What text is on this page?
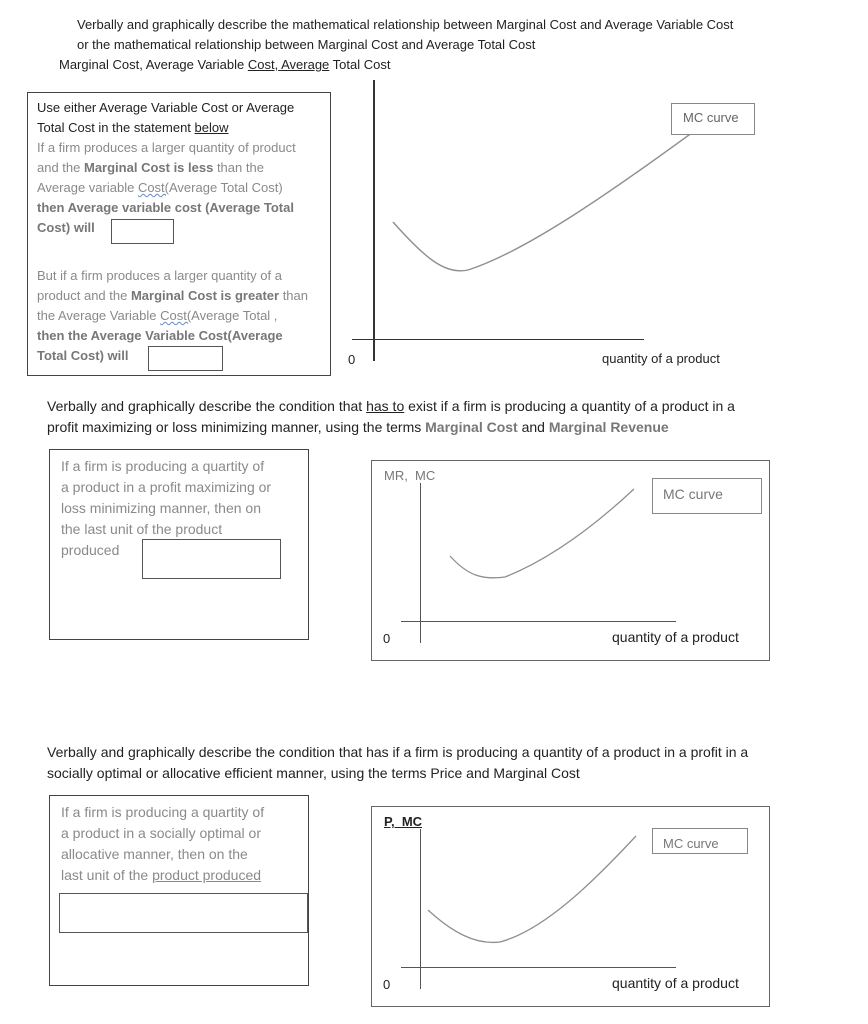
Verbally and graphically describe the mathematical relationship between Marginal Cost and Average Variable Cost
or the mathematical relationship between Marginal Cost and Average Total Cost
Marginal Cost, Average Variable Cost, Average Total Cost
Use either Average Variable Cost or Average
Total Cost in the statement below
If a firm produces a larger quantity of product
and the Marginal Cost is less than the
Average variable Cost(Average Total Cost)
then Average variable cost (Average Total
Cost) will
But if a firm produces a larger quantity of a
product and the Marginal Cost is greater than
the Average Variable Cost(Average Total ,
then the Average Variable Cost(Average
Total Cost) will
MC curve
0	quantity of a product
Verbally and graphically describe the condition that has to exist if a firm is producing a quantity of a product in a
profit maximizing or loss minimizing manner, using the terms Marginal Cost and Marginal Revenue
If a firm is producing a quartity of
a product in a profit maximizing or
loss minimizing manner, then on
the last unit of the product
produced
MR,  MC
MC curve
0	quantity of a product
Verbally and graphically describe the condition that has if a firm is producing a quantity of a product in a profit in a
socially optimal or allocative efficient manner, using the terms Price and Marginal Cost
If a firm is producing a quartity of
a product in a socially optimal or
allocative manner, then on the
last unit of the product produced
P,  MC
MC curve
0	quantity of a product
